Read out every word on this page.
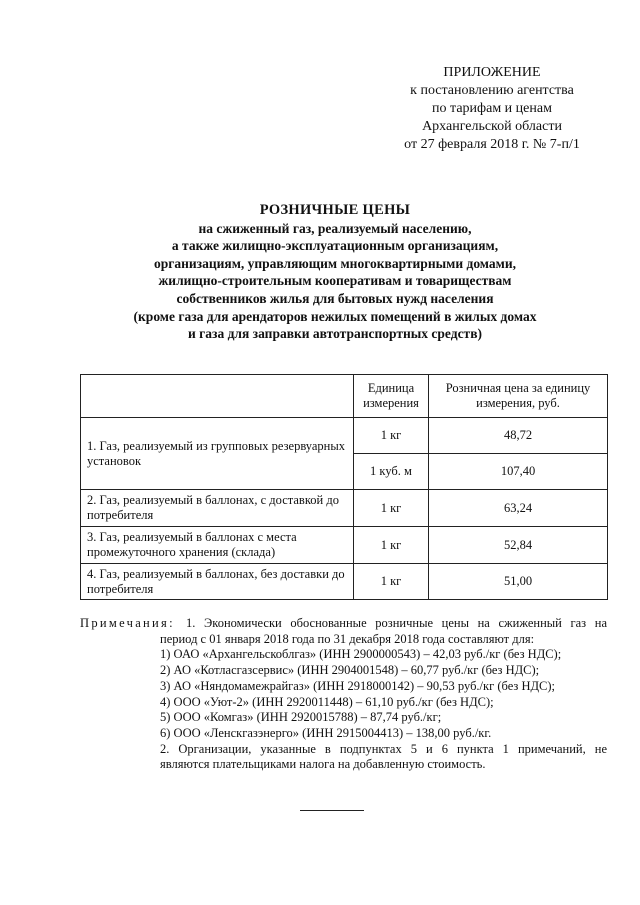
ПРИЛОЖЕНИЕ
к постановлению агентства
по тарифам и ценам
Архангельской области
от 27 февраля 2018 г. № 7-п/1
РОЗНИЧНЫЕ ЦЕНЫ
на сжиженный газ, реализуемый населению,
а также жилищно-эксплуатационным организациям,
организациям, управляющим многоквартирными домами,
жилищно-строительным кооперативам и товариществам
собственников жилья для бытовых нужд населения
(кроме газа для арендаторов нежилых помещений в жилых домах
и газа для заправки автотранспортных средств)
	Единица измерения	Розничная цена за единицу измерения, руб.
1. Газ, реализуемый из групповых резервуарных установок	1 кг	48,72
	1 куб. м	107,40
2. Газ, реализуемый в баллонах, с доставкой до потребителя	1 кг	63,24
3. Газ, реализуемый в баллонах с места промежуточного хранения (склада)	1 кг	52,84
4. Газ, реализуемый в баллонах, без доставки до потребителя	1 кг	51,00
Примечания: 1. Экономически обоснованные розничные цены на сжиженный газ на
период с 01 января 2018 года по 31 декабря 2018 года составляют для:
1) ОАО «Архангельскоблгаз» (ИНН 2900000543) – 42,03 руб./кг (без НДС);
2) АО «Котласгазсервис» (ИНН 2904001548) – 60,77 руб./кг (без НДС);
3) АО «Няндомамежрайгаз» (ИНН 2918000142) – 90,53 руб./кг (без НДС);
4) ООО «Уют-2» (ИНН 2920011448) – 61,10 руб./кг (без НДС);
5) ООО «Комгаз» (ИНН 2920015788) – 87,74 руб./кг;
6) ООО «Ленскгазэнерго» (ИНН 2915004413) – 138,00 руб./кг.
2. Организации, указанные в подпунктах 5 и 6 пункта 1 примечаний, не
являются плательщиками налога на добавленную стоимость.
